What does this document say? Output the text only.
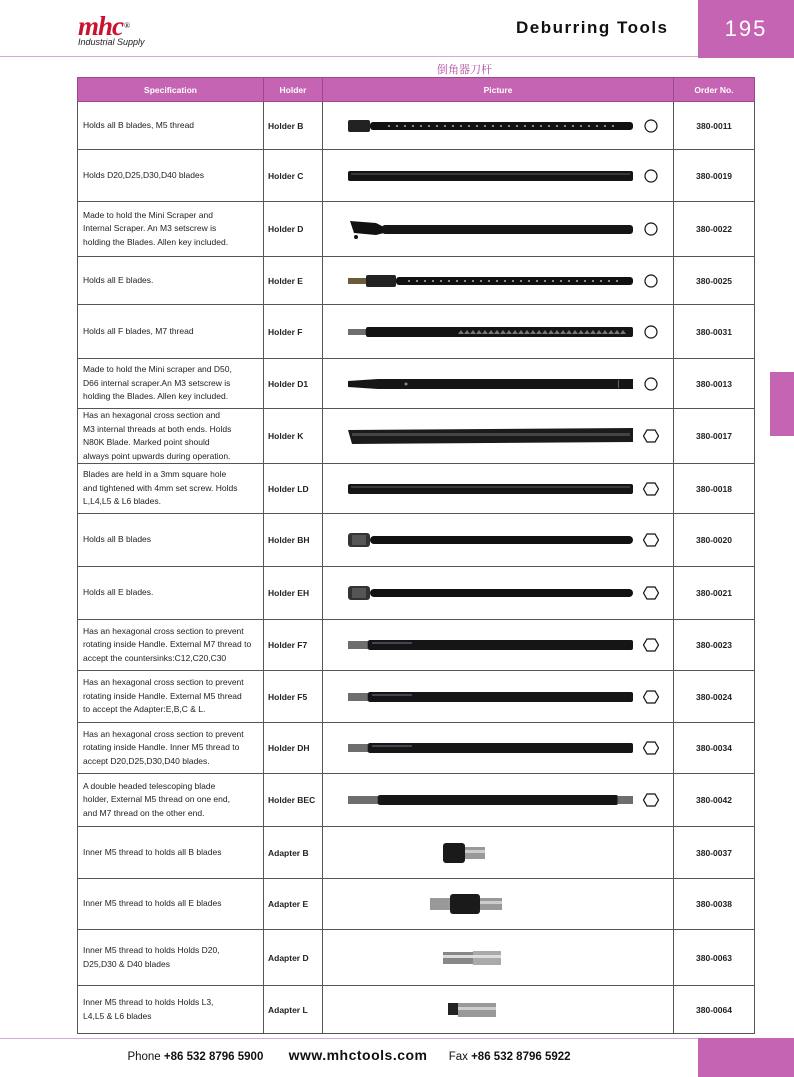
mhc®
Industrial Supply
Deburring Tools	195
倒角器刀杆
Specification	Holder	Picture	Order No.
Holds all B blades, M5 thread	Holder B		380-0011
Holds D20,D25,D30,D40 blades	Holder C		380-0019
Made to hold the Mini Scraper and
Internal Scraper. An M3 setscrew is
holding the Blades. Allen key included.	Holder D		380-0022
Holds all E blades.	Holder E		380-0025
Holds all F blades, M7 thread	Holder F		380-0031
Made to hold the Mini scraper and D50,
D66 internal scraper.An M3 setscrew is
holding the Blades. Allen key included.	Holder D1		380-0013
Has an hexagonal cross section and
M3 internal threads at both ends. Holds
N80K Blade. Marked point should
always point upwards during operation.	Holder K		380-0017
Blades are held in a 3mm square hole
and tightened with 4mm set screw. Holds
L,L4,L5 & L6 blades.	Holder LD		380-0018
Holds all B blades	Holder BH		380-0020
Holds all E blades.	Holder EH		380-0021
Has an hexagonal cross section to prevent
rotating inside Handle. External M7 thread to
accept the countersinks:C12,C20,C30	Holder F7		380-0023
Has an hexagonal cross section to prevent
rotating inside Handle. External M5 thread
to accept the Adapter:E,B,C & L.	Holder F5		380-0024
Has an hexagonal cross section to prevent
rotating inside Handle. Inner M5 thread to
accept D20,D25,D30,D40 blades.	Holder DH		380-0034
A double headed telescoping blade
holder, External M5 thread on one end,
and M7 thread on the other end.	Holder BEC		380-0042
Inner M5 thread to holds all B blades	Adapter B		380-0037
Inner M5 thread to holds all E blades	Adapter E		380-0038
Inner M5 thread to holds Holds D20,
D25,D30 & D40 blades	Adapter D		380-0063
Inner M5 thread to holds Holds L3,
L4,L5 & L6 blades	Adapter L		380-0064
Phone +86 532 8796 5900 www.mhctools.com Fax +86 532 8796 5922
